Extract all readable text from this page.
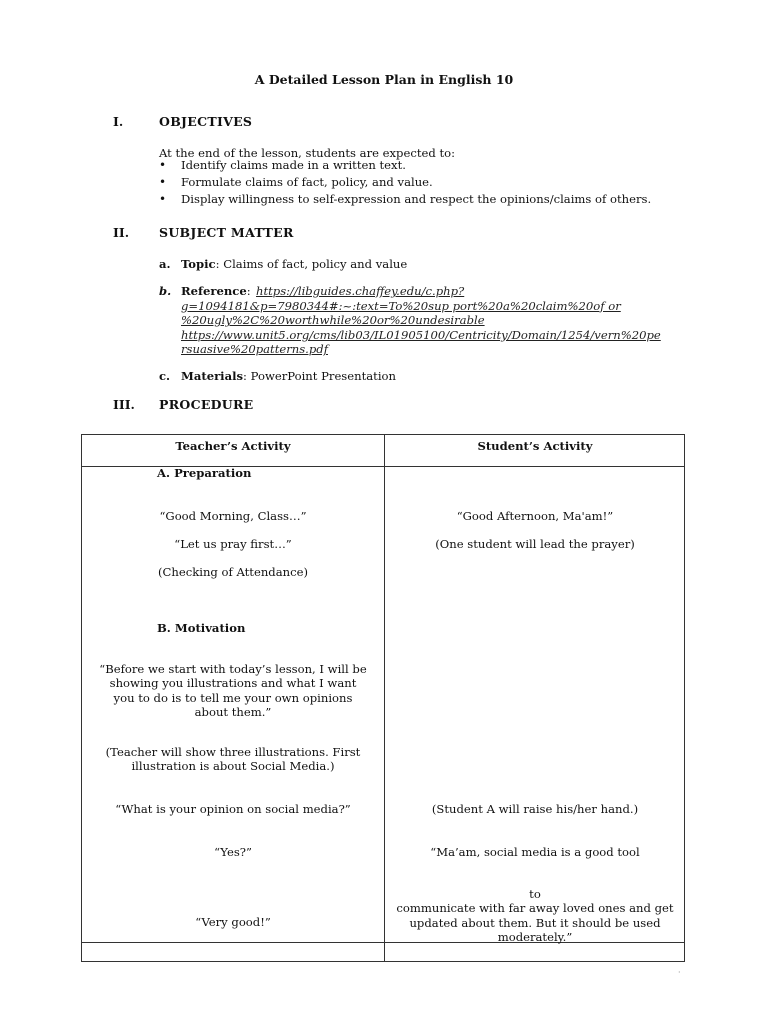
A Detailed Lesson Plan in English 10
I.	OBJECTIVES
At the end of the lesson, students are expected to:
• Identify claims made in a written text.
• Formulate claims of fact, policy, and value.
• Display willingness to self-expression and respect the opinions/claims of others.
II. SUBJECT MATTER
a. Topic: Claims of fact, policy and value
b. Reference: https://libguides.chaffey.edu/c.php?
g=1094181&p=7980344#:~:text=To%20sup port%20a%20claim%20of or
%20ugly%2C%20worthwhile%20or%20undesirable
https://www.unit5.org/cms/lib03/IL01905100/Centricity/Domain/1254/vern%20pe
rsuasive%20patterns.pdf
c. Materials: PowerPoint Presentation
III. PROCEDURE
Teacher’s Activity	Student’s Activity
A. Preparation
“Good Morning, Class…”	“Good Afternoon, Ma'am!”
“Let us pray first…”	(One student will lead the prayer)
(Checking of Attendance)
B. Motivation
“Before we start with today’s lesson, I will be
showing you illustrations and what I want
you to do is to tell me your own opinions
about them.”
(Teacher will show three illustrations. First
illustration is about Social Media.)
“What is your opinion on social media?”	(Student A will raise his/her hand.)
“Yes?”	“Ma’am, social media is a good tool
to
communicate with far away loved ones and get
updated about them. But it should be used
moderately.”
“Very good!”
·
